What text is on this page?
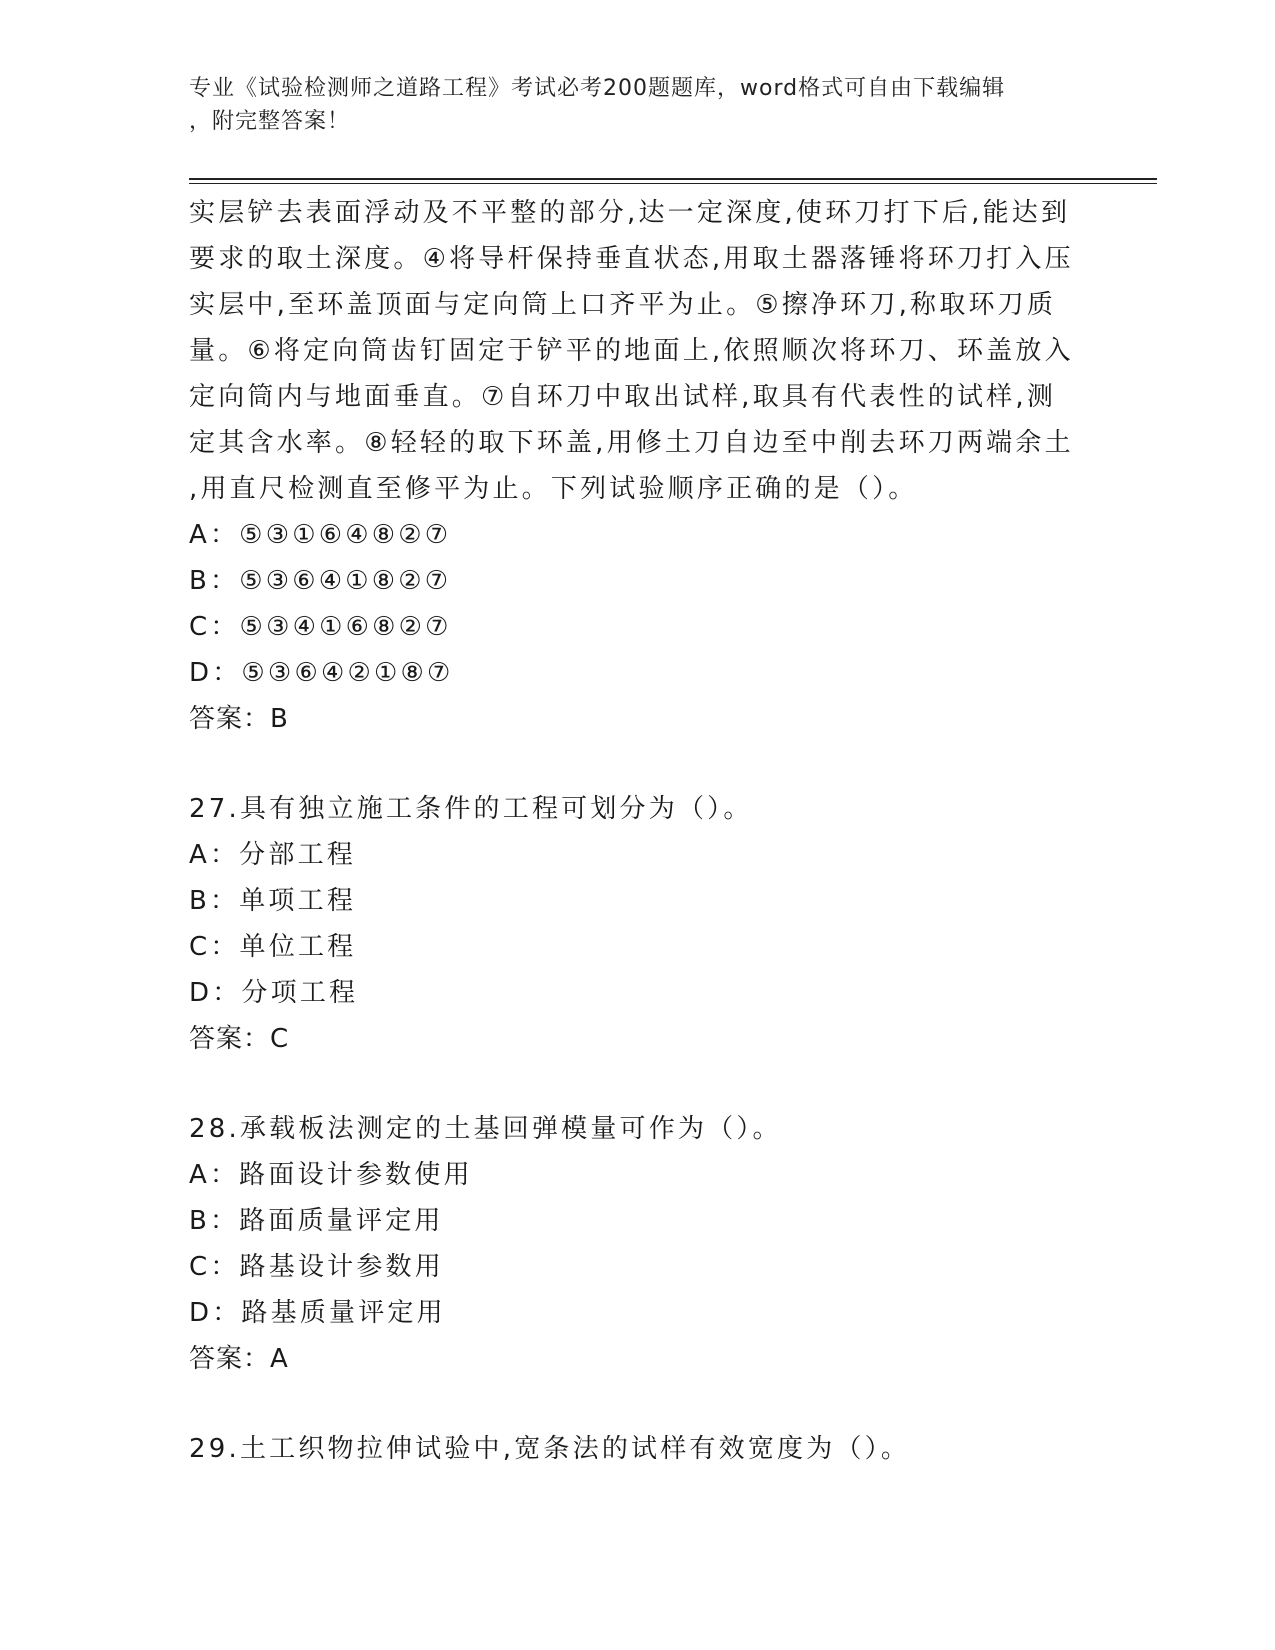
专业《试验检测师之道路工程》考试必考200题题库，word格式可自由下载编辑
，附完整答案！
实层铲去表面浮动及不平整的部分,达一定深度,使环刀打下后,能达到
要求的取土深度。④将导杆保持垂直状态,用取土器落锤将环刀打入压
实层中,至环盖顶面与定向筒上口齐平为止。⑤擦净环刀,称取环刀质
量。⑥将定向筒齿钉固定于铲平的地面上,依照顺次将环刀、环盖放入
定向筒内与地面垂直。⑦自环刀中取出试样,取具有代表性的试样,测
定其含水率。⑧轻轻的取下环盖,用修土刀自边至中削去环刀两端余土
,用直尺检测直至修平为止。下列试验顺序正确的是（）。
A：⑤③①⑥④⑧②⑦
B：⑤③⑥④①⑧②⑦
C：⑤③④①⑥⑧②⑦
D：⑤③⑥④②①⑧⑦
答案：B
27.具有独立施工条件的工程可划分为（）。
A：分部工程
B：单项工程
C：单位工程
D：分项工程
答案：C
28.承载板法测定的土基回弹模量可作为（）。
A：路面设计参数使用
B：路面质量评定用
C：路基设计参数用
D：路基质量评定用
答案：A
29.土工织物拉伸试验中,宽条法的试样有效宽度为（）。
